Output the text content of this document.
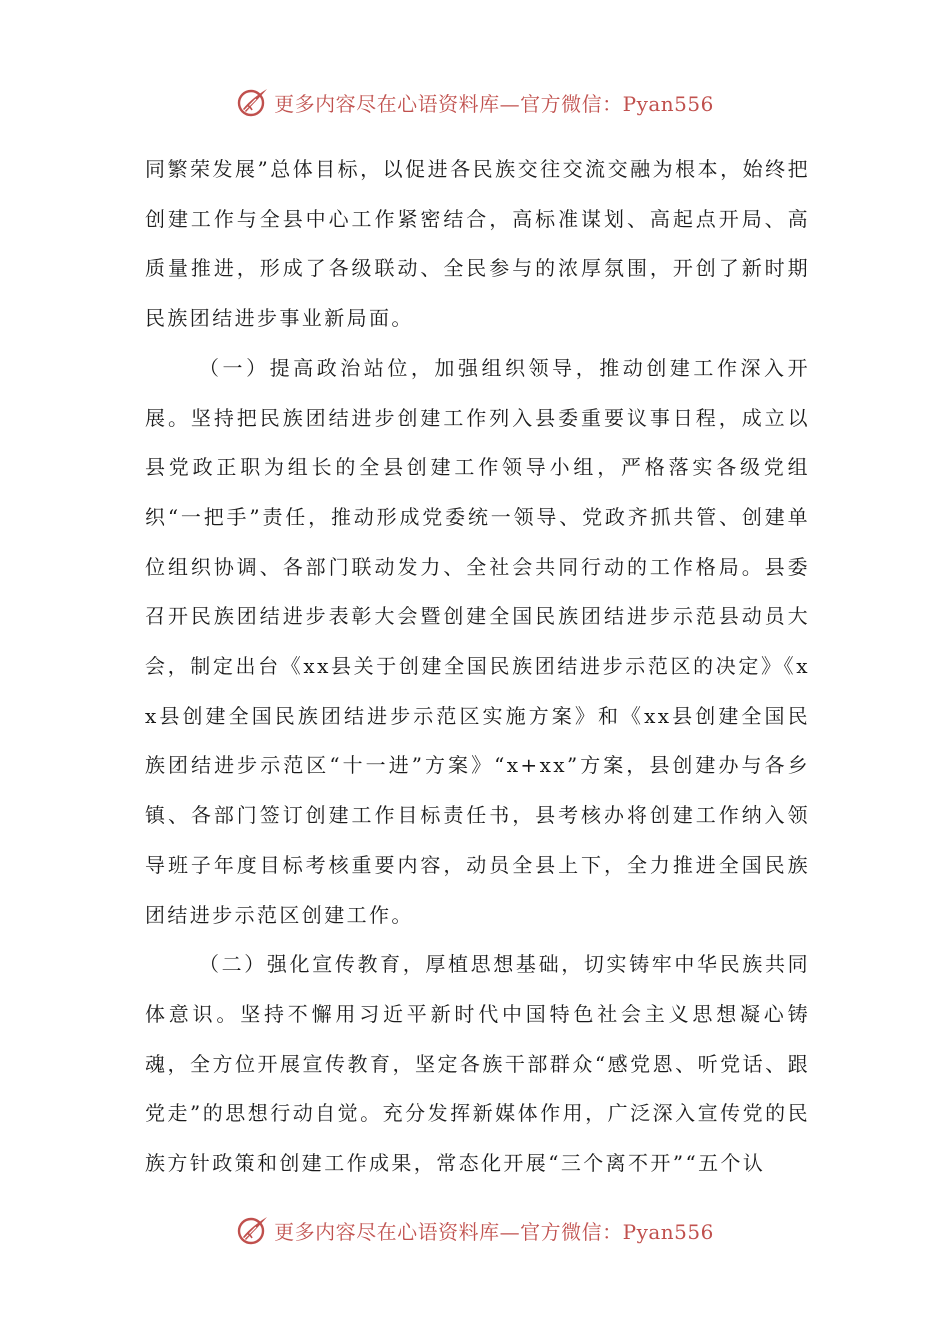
更多内容尽在心语资料库—官方微信：Pyan556

同繁荣发展”总体目标，以促进各民族交往交流交融为根本，始终把创建工作与全县中心工作紧密结合，高标准谋划、高起点开局、高质量推进，形成了各级联动、全民参与的浓厚氛围，开创了新时期民族团结进步事业新局面。

（一）提高政治站位，加强组织领导，推动创建工作深入开展。坚持把民族团结进步创建工作列入县委重要议事日程，成立以县党政正职为组长的全县创建工作领导小组，严格落实各级党组织“一把手”责任，推动形成党委统一领导、党政齐抓共管、创建单位组织协调、各部门联动发力、全社会共同行动的工作格局。县委召开民族团结进步表彰大会暨创建全国民族团结进步示范县动员大会，制定出台《xx县关于创建全国民族团结进步示范区的决定》《xx县创建全国民族团结进步示范区实施方案》和《xx县创建全国民族团结进步示范区“十一进”方案》“x+xx”方案，县创建办与各乡镇、各部门签订创建工作目标责任书，县考核办将创建工作纳入领导班子年度目标考核重要内容，动员全县上下，全力推进全国民族团结进步示范区创建工作。

（二）强化宣传教育，厚植思想基础，切实铸牢中华民族共同体意识。坚持不懈用习近平新时代中国特色社会主义思想凝心铸魂，全方位开展宣传教育，坚定各族干部群众“感党恩、听党话、跟党走”的思想行动自觉。充分发挥新媒体作用，广泛深入宣传党的民族方针政策和创建工作成果，常态化开展“三个离不开”“五个认

更多内容尽在心语资料库—官方微信：Pyan556
